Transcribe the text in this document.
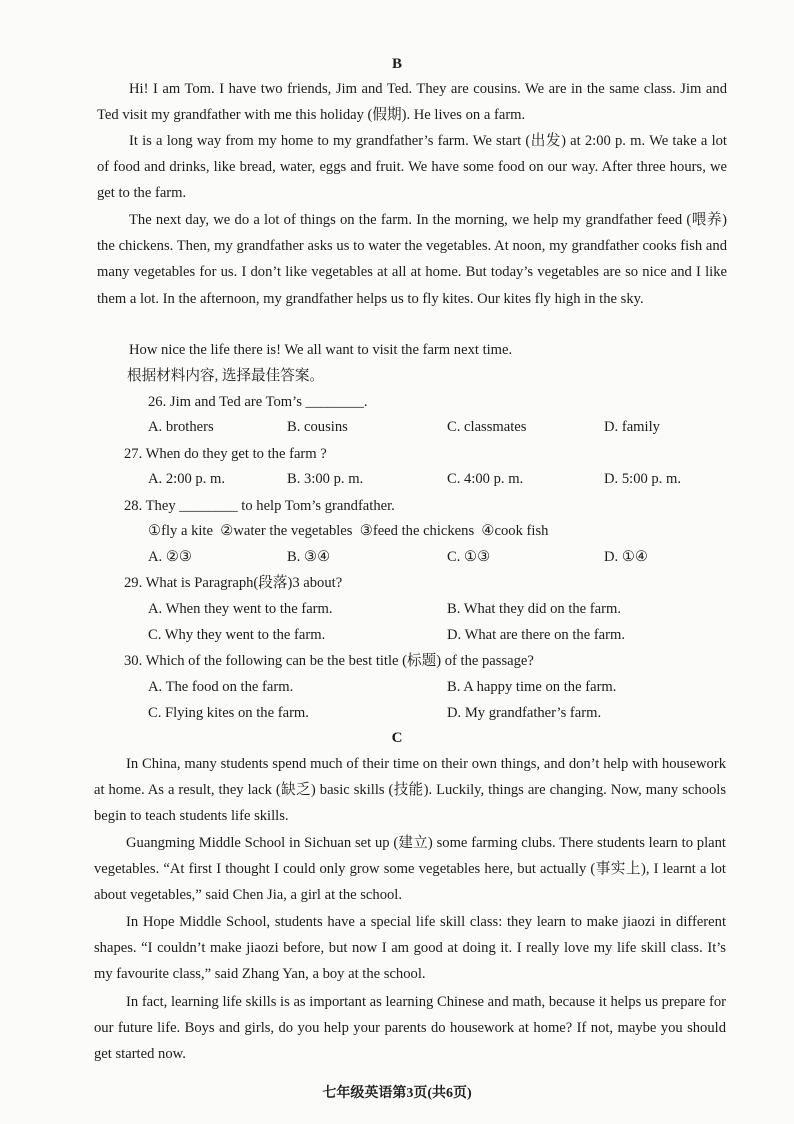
B

Hi! I am Tom. I have two friends, Jim and Ted. They are cousins. We are in the same class. Jim and Ted visit my grandfather with me this holiday (假期). He lives on a farm.

It is a long way from my home to my grandfather’s farm. We start (出发) at 2:00 p. m. We take a lot of food and drinks, like bread, water, eggs and fruit. We have some food on our way. After three hours, we get to the farm.

The next day, we do a lot of things on the farm. In the morning, we help my grandfather feed (喂养) the chickens. Then, my grandfather asks us to water the vegetables. At noon, my grandfather cooks fish and many vegetables for us. I don’t like vegetables at all at home. But today’s vegetables are so nice and I like them a lot. In the afternoon, my grandfather helps us to fly kites. Our kites fly high in the sky.

How nice the life there is! We all want to visit the farm next time.

根据材料内容, 选择最佳答案。
26. Jim and Ted are Tom’s ________.
A. brothers	B. cousins	C. classmates	D. family
27. When do they get to the farm ?
A. 2:00 p. m.	B. 3:00 p. m.	C. 4:00 p. m.	D. 5:00 p. m.
28. They ________ to help Tom’s grandfather.
①fly a kite  ②water the vegetables  ③feed the chickens  ④cook fish
A. ②③	B. ③④	C. ①③	D. ①④
29. What is Paragraph(段落)3 about?
A. When they went to the farm.	B. What they did on the farm.
C. Why they went to the farm.	D. What are there on the farm.
30. Which of the following can be the best title (标题) of the passage?
A. The food on the farm.	B. A happy time on the farm.
C. Flying kites on the farm.	D. My grandfather’s farm.
C

In China, many students spend much of their time on their own things, and don’t help with housework at home. As a result, they lack (缺乏) basic skills (技能). Luckily, things are changing. Now, many schools begin to teach students life skills.

Guangming Middle School in Sichuan set up (建立) some farming clubs. There students learn to plant vegetables. “At first I thought I could only grow some vegetables here, but actually (事实上), I learnt a lot about vegetables,” said Chen Jia, a girl at the school.

In Hope Middle School, students have a special life skill class: they learn to make jiaozi in different shapes. “I couldn’t make jiaozi before, but now I am good at doing it. I really love my life skill class. It’s my favourite class,” said Zhang Yan, a boy at the school.

In fact, learning life skills is as important as learning Chinese and math, because it helps us prepare for our future life. Boys and girls, do you help your parents do housework at home? If not, maybe you should get started now.

七年级英语第3页(共6页)
